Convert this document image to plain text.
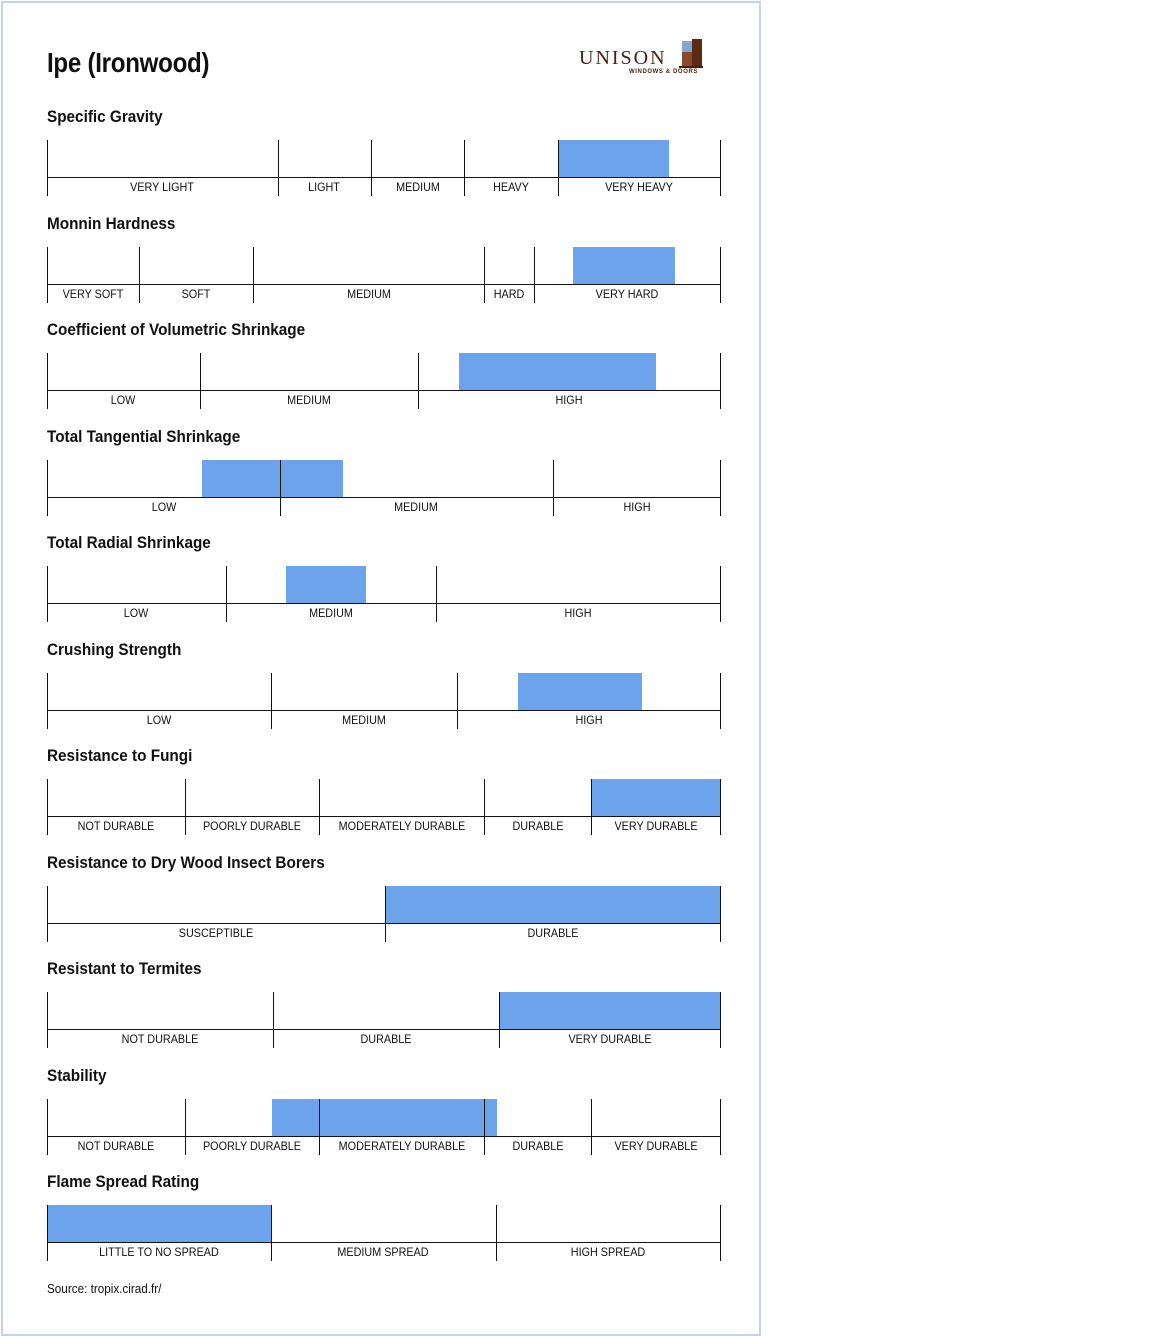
Ipe (Ironwood)	UNISON
WINDOWS & DOORS
Specific Gravity
VERY LIGHT	LIGHT	MEDIUM	HEAVY	VERY HEAVY
Monnin Hardness
VERY SOFT	SOFT	MEDIUM	HARD	VERY HARD
Coefficient of Volumetric Shrinkage
LOW	MEDIUM	HIGH
Total Tangential Shrinkage
LOW	MEDIUM	HIGH
Total Radial Shrinkage
LOW	MEDIUM	HIGH
Crushing Strength
LOW	MEDIUM	HIGH
Resistance to Fungi
NOT DURABLE	POORLY DURABLE	MODERATELY DURABLE	DURABLE	VERY DURABLE
Resistance to Dry Wood Insect Borers
SUSCEPTIBLE	DURABLE
Resistant to Termites
NOT DURABLE	DURABLE	VERY DURABLE
Stability
NOT DURABLE	POORLY DURABLE	MODERATELY DURABLE	DURABLE	VERY DURABLE
Flame Spread Rating
LITTLE TO NO SPREAD	MEDIUM SPREAD	HIGH SPREAD
Source: tropix.cirad.fr/
